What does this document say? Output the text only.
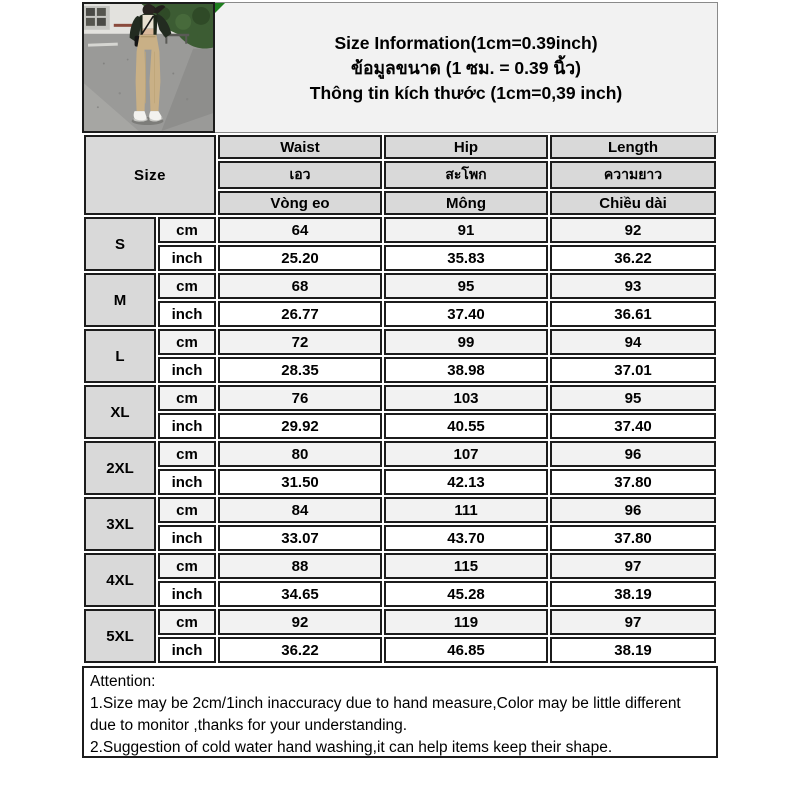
Size Information(1cm=0.39inch)
ข้อมูลขนาด (1 ซม. = 0.39 นิ้ว)
Thông tin kích thước (1cm=0,39 inch)
Size		Waist	Hip	Length
		เอว	สะโพก	ความยาว
		Vòng eo	Mông	Chiều dài
S	cm	64	91	92
	inch	25.20	35.83	36.22
M	cm	68	95	93
	inch	26.77	37.40	36.61
L	cm	72	99	94
	inch	28.35	38.98	37.01
XL	cm	76	103	95
	inch	29.92	40.55	37.40
2XL	cm	80	107	96
	inch	31.50	42.13	37.80
3XL	cm	84	111	96
	inch	33.07	43.70	37.80
4XL	cm	88	115	97
	inch	34.65	45.28	38.19
5XL	cm	92	119	97
	inch	36.22	46.85	38.19
Attention:
1.Size may be 2cm/1inch inaccuracy due to hand measure,Color may be little different due to monitor ,thanks for your understanding.
2.Suggestion of cold water hand washing,it can help items keep their shape.
